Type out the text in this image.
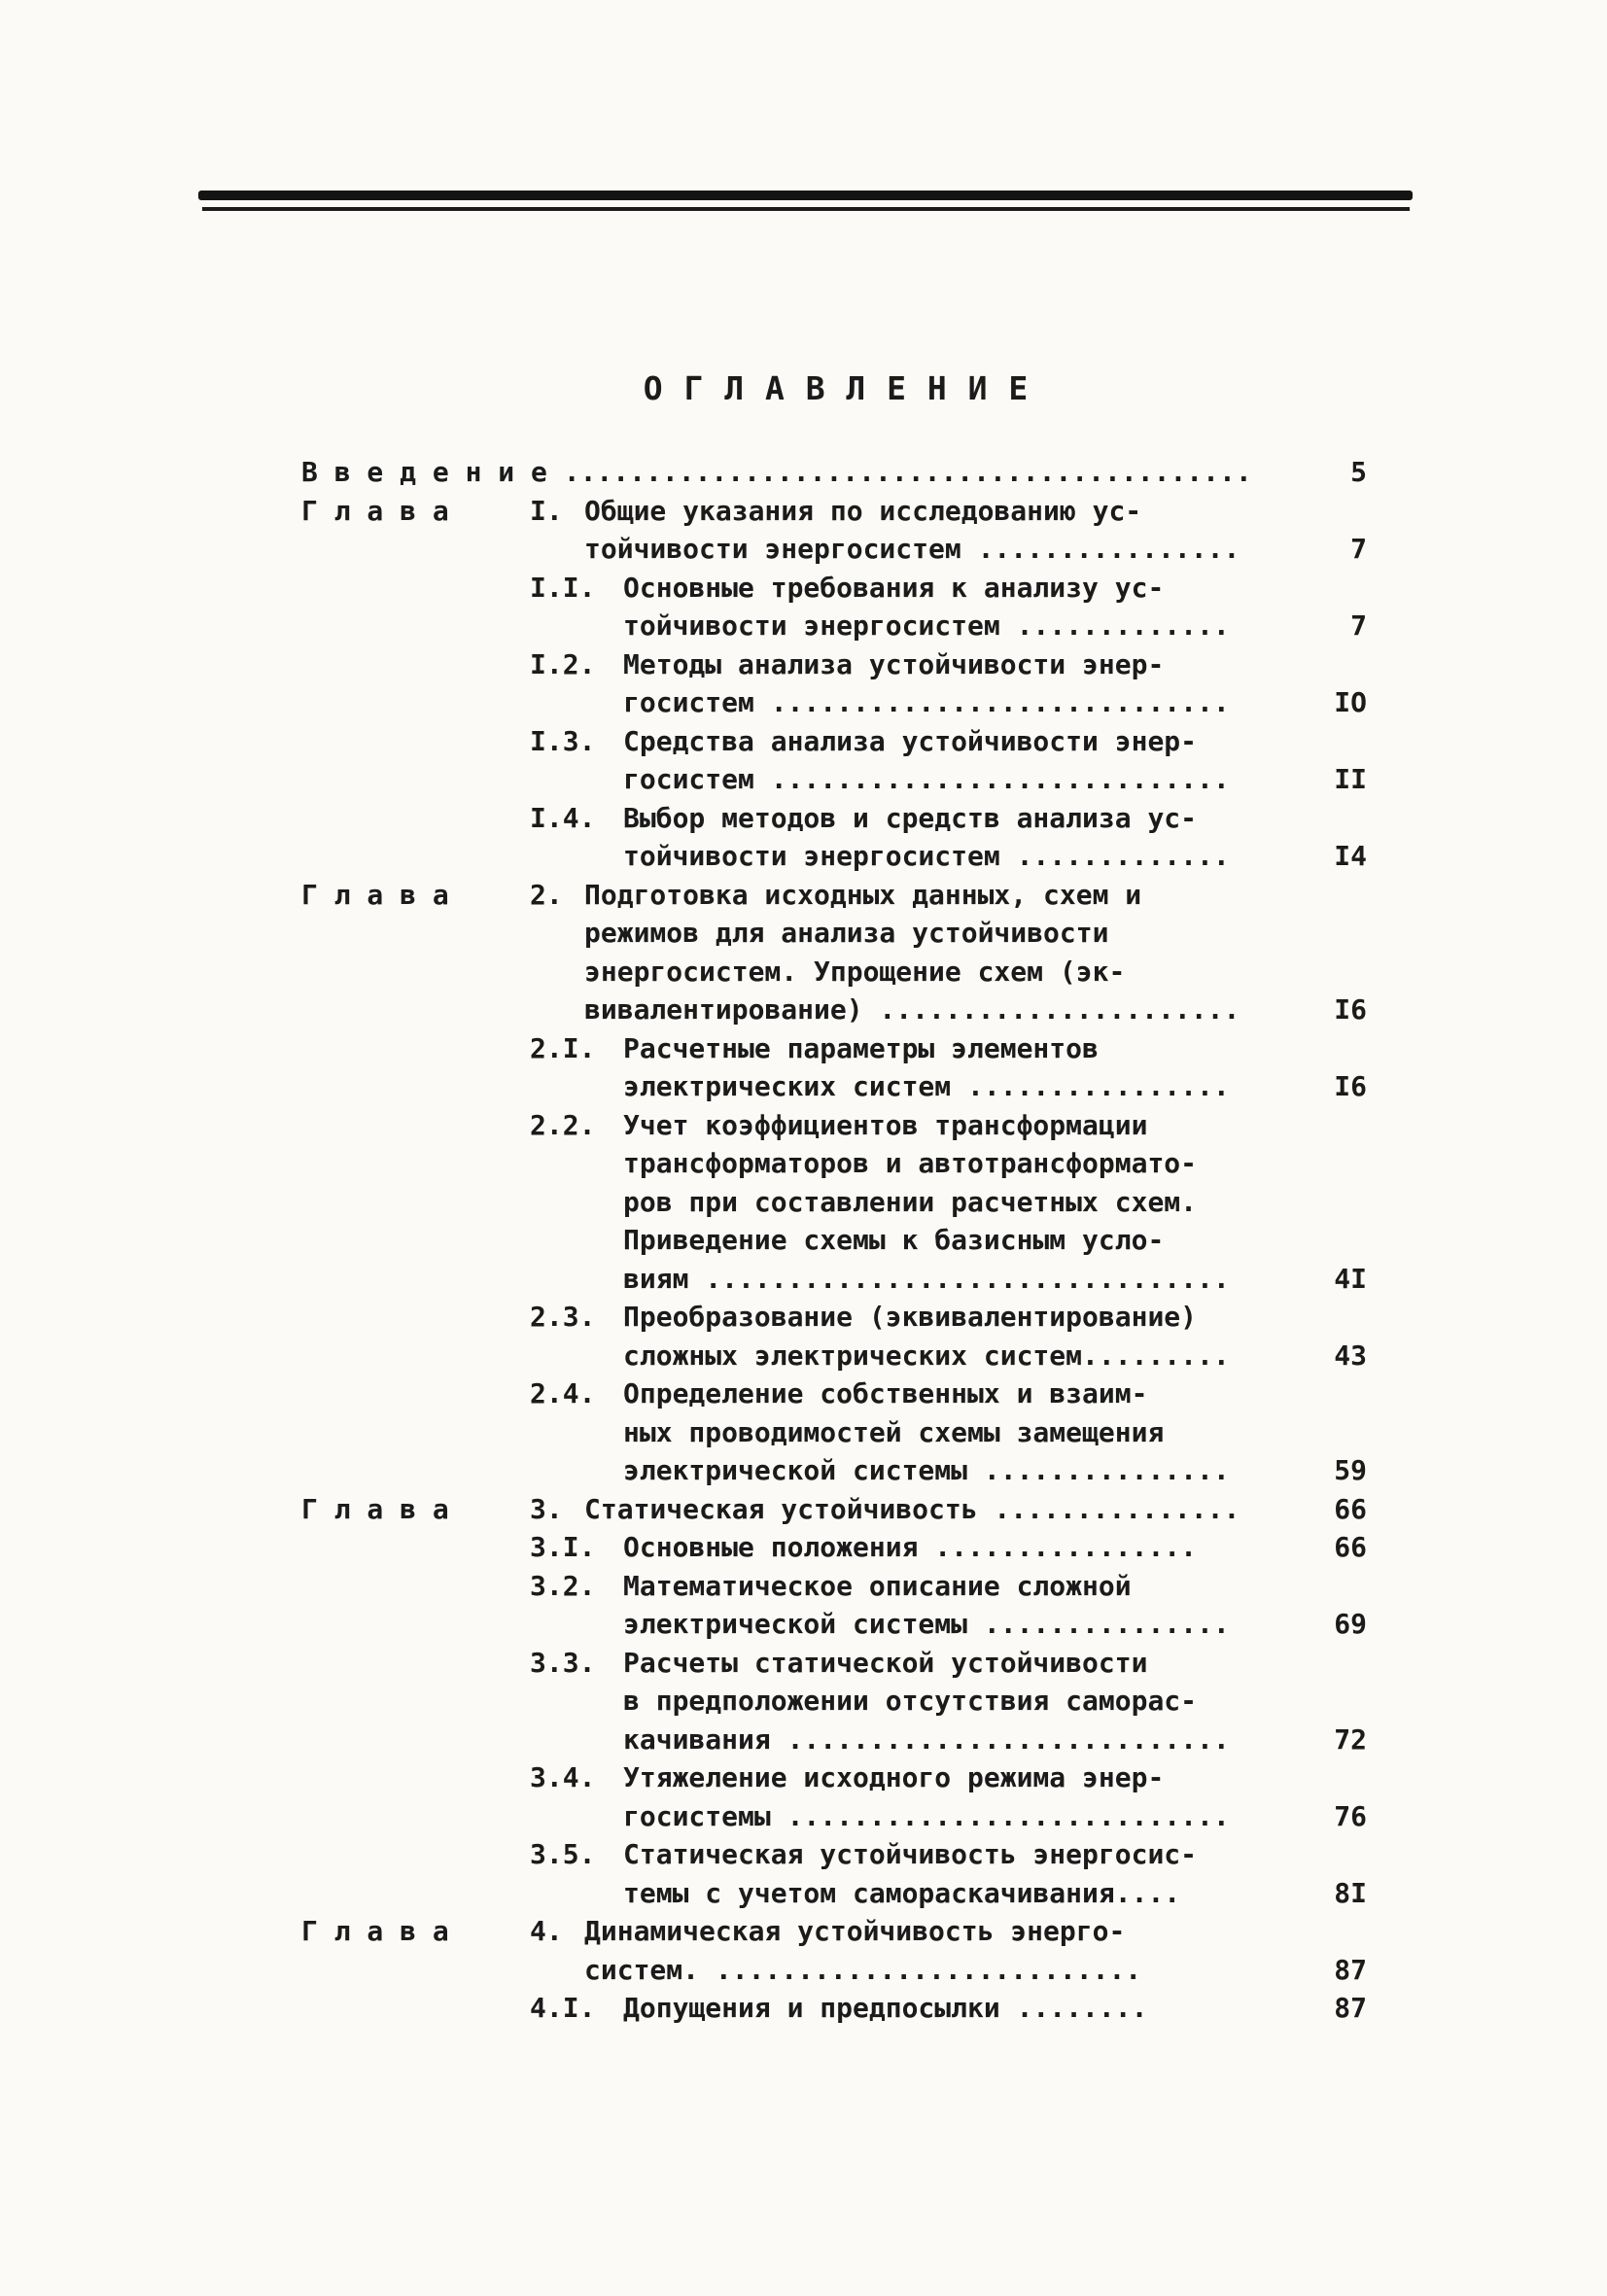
О Г Л А В Л Е Н И Е
В в е д е н и е ..........................................	5
Г л а в а	I. Общие указания по исследованию ус-
тойчивости энергосистем ................	7
I.I.	Основные требования к анализу ус-
тойчивости энергосистем .............	7
I.2.	Методы анализа устойчивости энер-
госистем ............................	IO
I.3.	Средства анализа устойчивости энер-
госистем ............................	II
I.4.	Выбор методов и средств анализа ус-
тойчивости энергосистем .............	I4
Г л а в а	2. Подготовка исходных данных, схем и
режимов для анализа устойчивости
энергосистем. Упрощение схем (эк-
вивалентирование) ......................	I6
2.I.	Расчетные параметры элементов
электрических систем ................	I6
2.2.	Учет коэффициентов трансформации
трансформаторов и автотрансформато-
ров при составлении расчетных схем.
Приведение схемы к базисным усло-
виям ................................	4I
2.3.	Преобразование (эквивалентирование)
сложных электрических систем.........	43
2.4.	Определение собственных и взаим-
ных проводимостей схемы замещения
электрической системы ...............	59
Г л а в а	3. Статическая устойчивость ...............	66
3.I.	Основные положения ................	66
3.2.	Математическое описание сложной
электрической системы ...............	69
3.3.	Расчеты статической устойчивости
в предположении отсутствия саморас-
качивания ...........................	72
3.4.	Утяжеление исходного режима энер-
госистемы ...........................	76
3.5.	Статическая устойчивость энергосис-
темы с учетом самораскачивания....	8I
Г л а в а	4. Динамическая устойчивость энерго-
систем. ..........................	87
4.I.	Допущения и предпосылки ........	87
